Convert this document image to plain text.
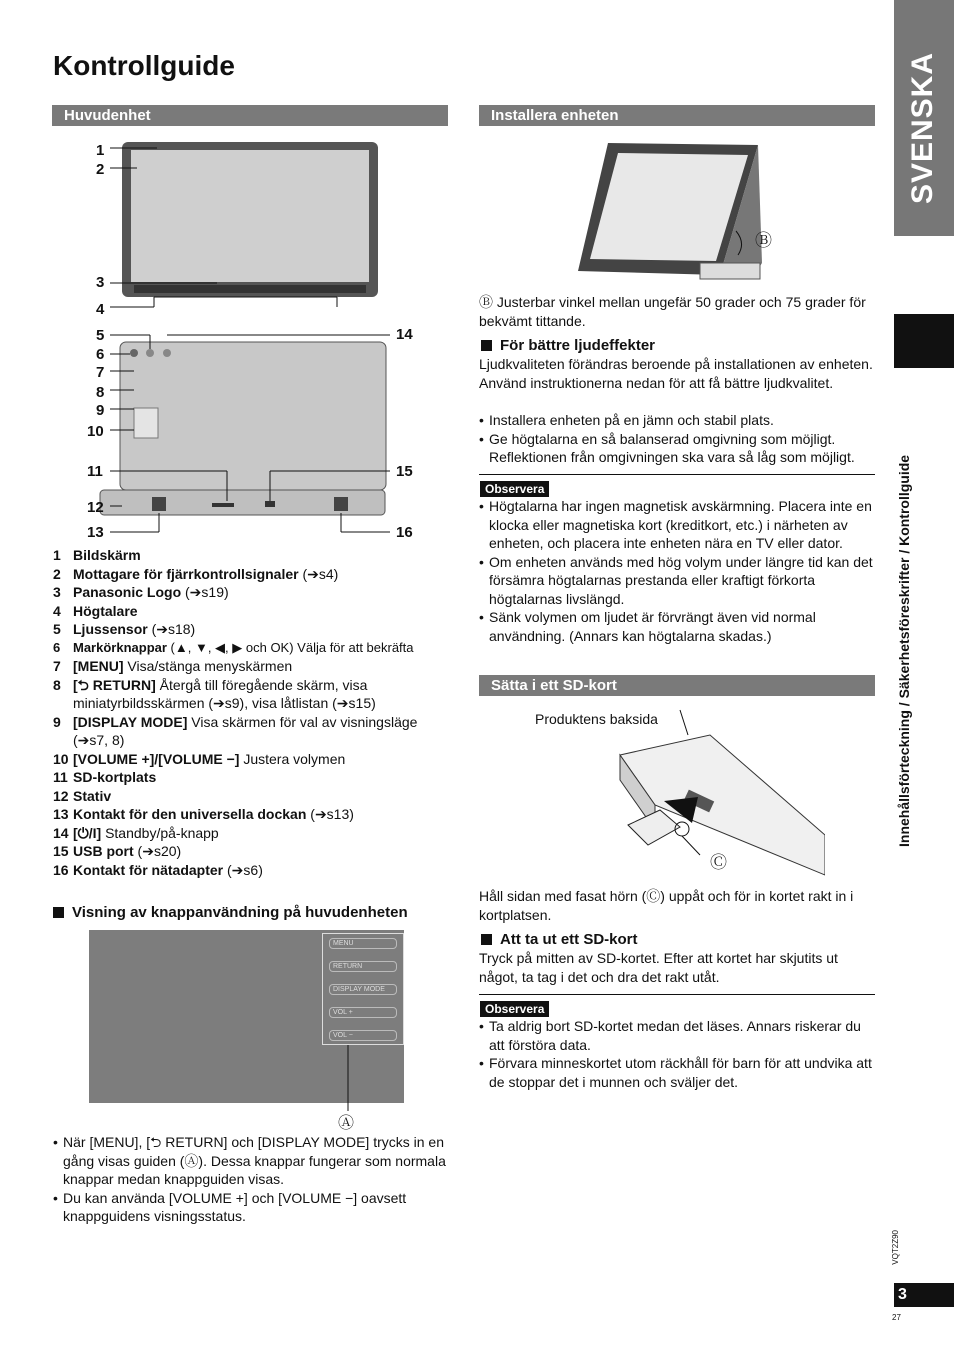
SVENSKA
Innehållsförteckning / Säkerhetsföreskrifter / Kontrollguide
VQT2Z90
3
27
Kontrollguide
Huvudenhet
1
2
3
4
5
6
7
8
9
10
11
12
13
14
15
16
1 Bildskärm
2 Mottagare för fjärrkontrollsignaler (➔s4)
3 Panasonic Logo (➔s19)
4 Högtalare
5 Ljussensor (➔s18)
6 Markörknappar (▲, ▼, ◀, ▶ och OK) Välja för att bekräfta
7 [MENU] Visa/stänga menyskärmen
8 [⮌ RETURN] Återgå till föregående skärm, visa miniatyrbildsskärmen (➔s9), visa låtlistan (➔s15)
9 [DISPLAY MODE] Visa skärmen för val av visningsläge (➔s7, 8)
10 [VOLUME +]/[VOLUME −] Justera volymen
11 SD-kortplats
12 Stativ
13 Kontakt för den universella dockan (➔s13)
14 [⏻/I] Standby/på-knapp
15 USB port (➔s20)
16 Kontakt för nätadapter (➔s6)
Visning av knappanvändning på huvudenheten
MENU
RETURN
DISPLAY MODE
VOL +
VOL −
Ⓐ
• När [MENU], [⮌ RETURN] och [DISPLAY MODE] trycks in en gång visas guiden (Ⓐ). Dessa knappar fungerar som normala knappar medan knappguiden visas.
• Du kan använda [VOLUME +] och [VOLUME −] oavsett knappguidens visningsstatus.
Installera enheten
Ⓑ
Ⓑ Justerbar vinkel mellan ungefär 50 grader och 75 grader för bekvämt tittande.
För bättre ljudeffekter
Ljudkvaliteten förändras beroende på installationen av enheten. Använd instruktionerna nedan för att få bättre ljudkvalitet.
• Installera enheten på en jämn och stabil plats.
• Ge högtalarna en så balanserad omgivning som möjligt. Reflektionen från omgivningen ska vara så låg som möjligt.
Observera
• Högtalarna har ingen magnetisk avskärmning. Placera inte en klocka eller magnetiska kort (kreditkort, etc.) i närheten av enheten, och placera inte enheten nära en TV eller dator.
• Om enheten används med hög volym under längre tid kan det försämra högtalarnas prestanda eller kraftigt förkorta högtalarnas livslängd.
• Sänk volymen om ljudet är förvrängt även vid normal användning. (Annars kan högtalarna skadas.)
Sätta i ett SD-kort
Produktens baksida
Ⓒ
Håll sidan med fasat hörn (Ⓒ) uppåt och för in kortet rakt in i kortplatsen.
Att ta ut ett SD-kort
Tryck på mitten av SD-kortet. Efter att kortet har skjutits ut något, ta tag i det och dra det rakt utåt.
Observera
• Ta aldrig bort SD-kortet medan det läses. Annars riskerar du att förstöra data.
• Förvara minneskortet utom räckhåll för barn för att undvika att de stoppar det i munnen och sväljer det.
